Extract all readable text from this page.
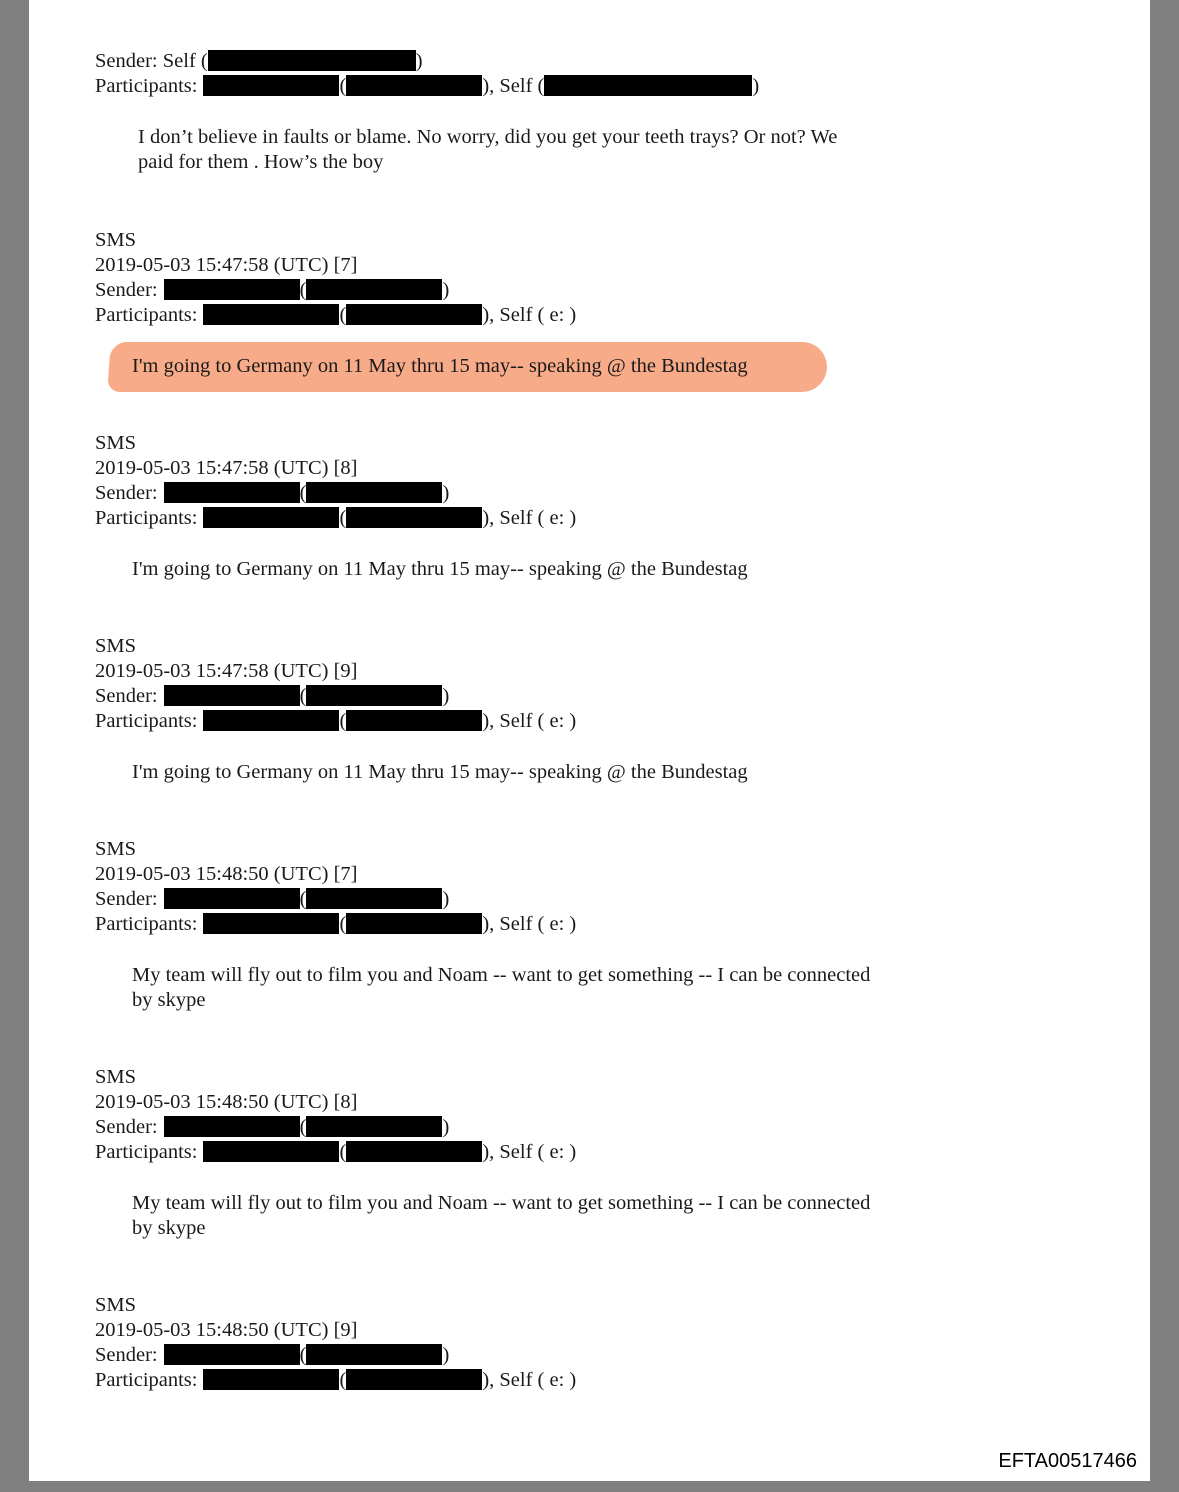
Sender: Self (	)
Participants:	(	), Self (	)
I don’t believe in faults or blame. No worry, did you get your teeth trays? Or not? We
paid for them . How’s the boy
SMS
2019-05-03 15:47:58 (UTC) [7]
Sender:	(	)
Participants:	(	), Self ( e: )
I'm going to Germany on 11 May thru 15 may-- speaking @ the Bundestag
SMS
2019-05-03 15:47:58 (UTC) [8]
Sender:	(	)
Participants:	(	), Self ( e: )
I'm going to Germany on 11 May thru 15 may-- speaking @ the Bundestag
SMS
2019-05-03 15:47:58 (UTC) [9]
Sender:	(	)
Participants:	(	), Self ( e: )
I'm going to Germany on 11 May thru 15 may-- speaking @ the Bundestag
SMS
2019-05-03 15:48:50 (UTC) [7]
Sender:	(	)
Participants:	(	), Self ( e: )
My team will fly out to film you and Noam -- want to get something -- I can be connected
by skype
SMS
2019-05-03 15:48:50 (UTC) [8]
Sender:	(	)
Participants:	(	), Self ( e: )
My team will fly out to film you and Noam -- want to get something -- I can be connected
by skype
SMS
2019-05-03 15:48:50 (UTC) [9]
Sender:	(	)
Participants:	(	), Self ( e: )
EFTA00517466
